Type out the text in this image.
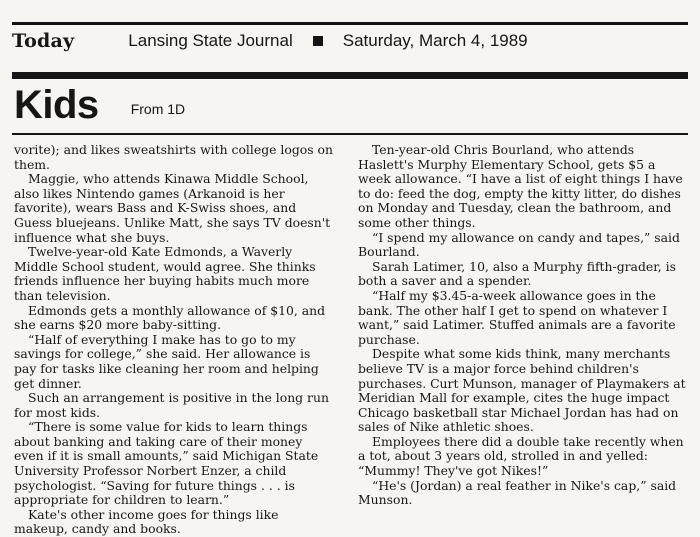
Today	Lansing State Journal	Saturday, March 4, 1989
Kids From 1D

vorite); and likes sweatshirts with college logos on them.

Maggie, who attends Kinawa Middle School, also likes Nintendo games (Arkanoid is her favorite), wears Bass and K-Swiss shoes, and Guess bluejeans. Unlike Matt, she says TV doesn't influence what she buys.

Twelve-year-old Kate Edmonds, a Waverly Middle School student, would agree. She thinks friends influence her buying habits much more than television.

Edmonds gets a monthly allowance of $10, and she earns $20 more baby-sitting.

“Half of everything I make has to go to my savings for college,” she said. Her allowance is pay for tasks like cleaning her room and helping get dinner.

Such an arrangement is positive in the long run for most kids.

“There is some value for kids to learn things about banking and taking care of their money even if it is small amounts,” said Michigan State University Professor Norbert Enzer, a child psychologist. “Saving for future things . . . is appropriate for children to learn.”

Kate's other income goes for things like makeup, candy and books.

Ten-year-old Chris Bourland, who attends Haslett's Murphy Elementary School, gets $5 a week allowance. “I have a list of eight things I have to do: feed the dog, empty the kitty litter, do dishes on Monday and Tuesday, clean the bathroom, and some other things.

“I spend my allowance on candy and tapes,” said Bourland.

Sarah Latimer, 10, also a Murphy fifth-grader, is both a saver and a spender.

“Half my $3.45-a-week allowance goes in the bank. The other half I get to spend on whatever I want,” said Latimer. Stuffed animals are a favorite purchase.

Despite what some kids think, many merchants believe TV is a major force behind children's purchases. Curt Munson, manager of Playmakers at Meridian Mall for example, cites the huge impact Chicago basketball star Michael Jordan has had on sales of Nike athletic shoes.

Employees there did a double take recently when a tot, about 3 years old, strolled in and yelled: “Mummy! They've got Nikes!”

“He's (Jordan) a real feather in Nike's cap,” said Munson.
